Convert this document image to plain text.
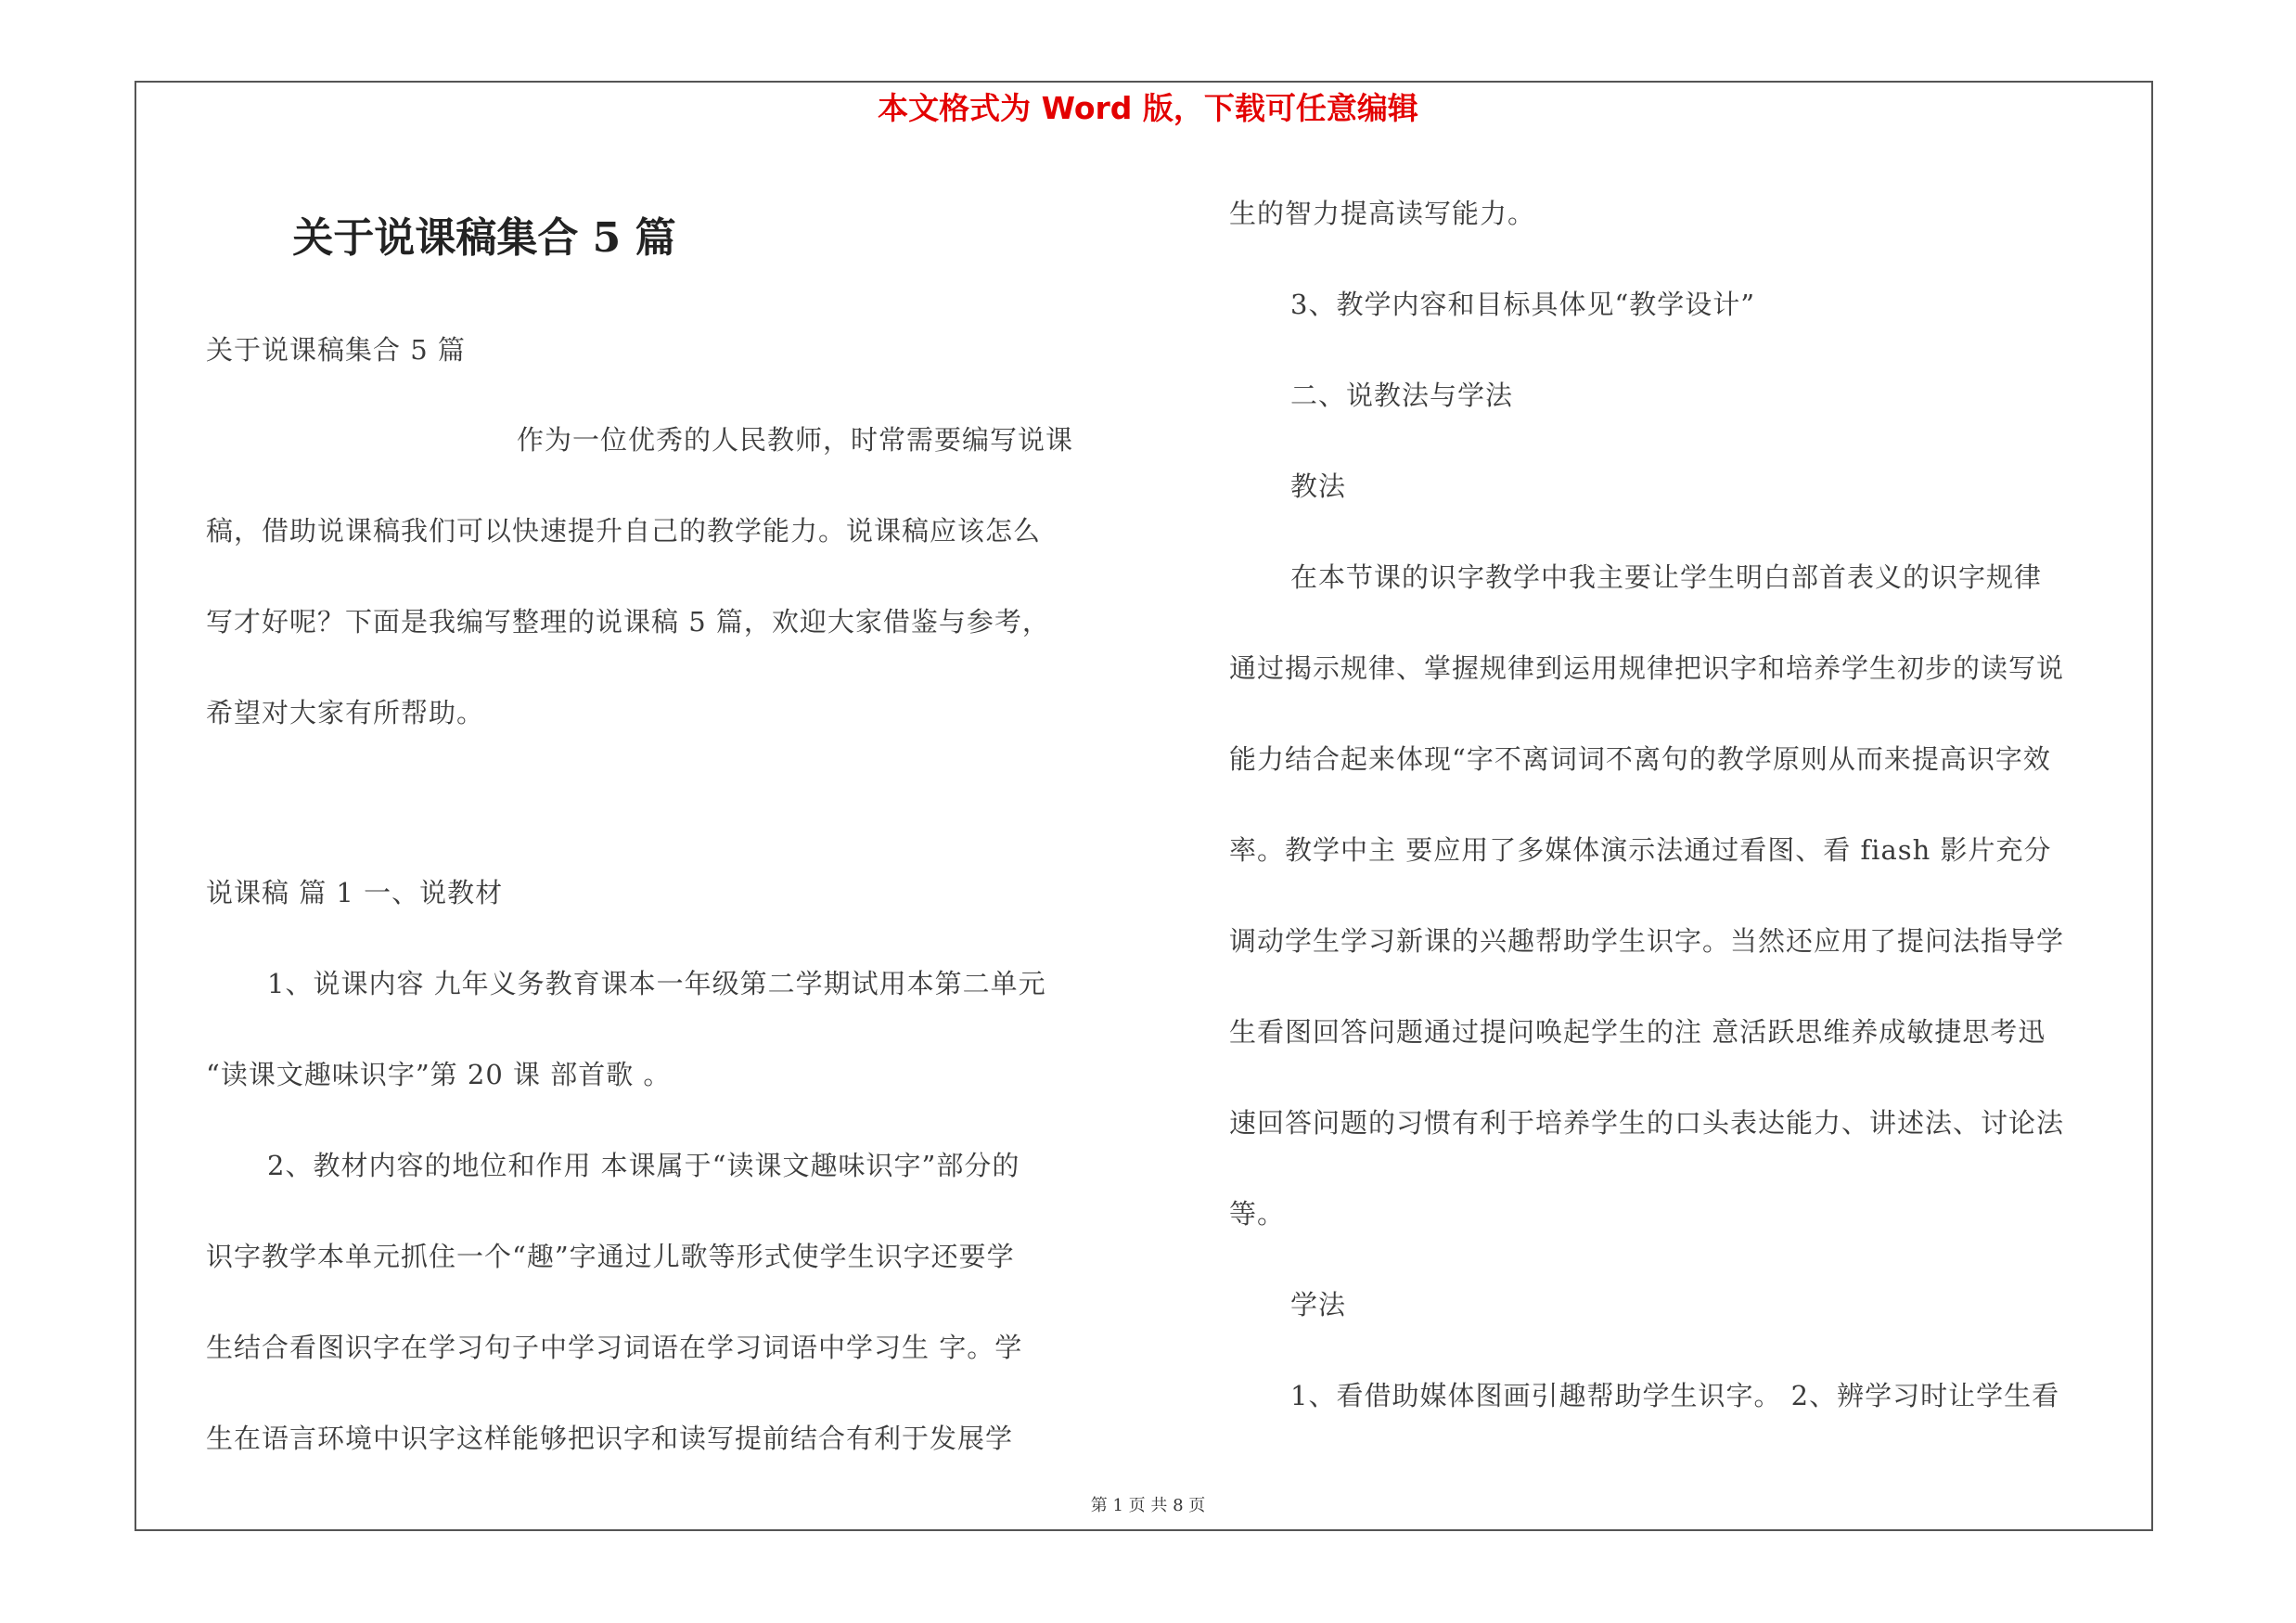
本文格式为 Word 版，下载可任意编辑
关于说课稿集合 5 篇
关于说课稿集合 5 篇
作为一位优秀的人民教师，时常需要编写说课
稿，借助说课稿我们可以快速提升自己的教学能力。说课稿应该怎么
写才好呢？下面是我编写整理的说课稿 5 篇，欢迎大家借鉴与参考，
希望对大家有所帮助。
说课稿 篇 1 一、说教材
1、说课内容 九年义务教育课本一年级第二学期试用本第二单元
“读课文趣味识字”第 20 课 部首歌 。
2、教材内容的地位和作用 本课属于“读课文趣味识字”部分的
识字教学本单元抓住一个“趣”字通过儿歌等形式使学生识字还要学
生结合看图识字在学习句子中学习词语在学习词语中学习生 字。学
生在语言环境中识字这样能够把识字和读写提前结合有利于发展学
生的智力提高读写能力。
3、教学内容和目标具体见“教学设计”
二、说教法与学法
教法
在本节课的识字教学中我主要让学生明白部首表义的识字规律
通过揭示规律、掌握规律到运用规律把识字和培养学生初步的读写说
能力结合起来体现“字不离词词不离句的教学原则从而来提高识字效
率。教学中主 要应用了多媒体演示法通过看图、看 fiash 影片充分
调动学生学习新课的兴趣帮助学生识字。当然还应用了提问法指导学
生看图回答问题通过提问唤起学生的注 意活跃思维养成敏捷思考迅
速回答问题的习惯有利于培养学生的口头表达能力、讲述法、讨论法
等。
学法
1、看借助媒体图画引趣帮助学生识字。 2、辨学习时让学生看
第 1 页 共 8 页
